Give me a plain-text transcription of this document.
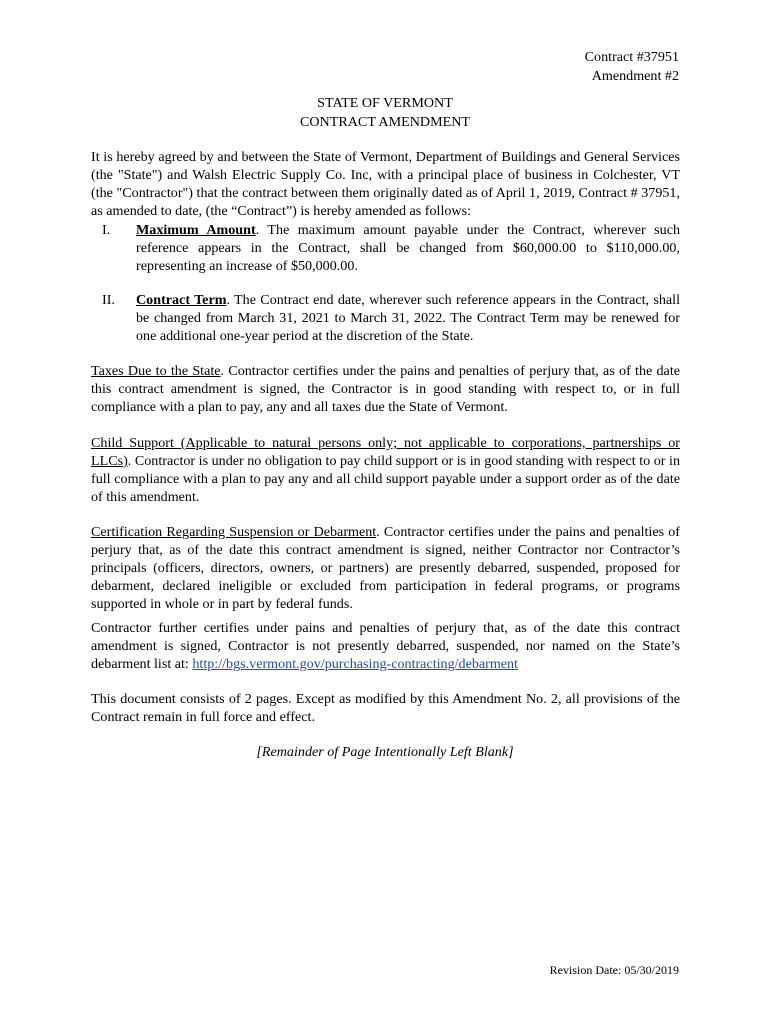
Contract #37951
Amendment #2
STATE OF VERMONT
CONTRACT AMENDMENT
It is hereby agreed by and between the State of Vermont, Department of Buildings and General Services (the "State") and Walsh Electric Supply Co. Inc, with a principal place of business in Colchester, VT (the "Contractor") that the contract between them originally dated as of April 1, 2019, Contract # 37951, as amended to date, (the “Contract”) is hereby amended as follows:
I. Maximum Amount. The maximum amount payable under the Contract, wherever such reference appears in the Contract, shall be changed from $60,000.00 to $110,000.00, representing an increase of $50,000.00.
II. Contract Term. The Contract end date, wherever such reference appears in the Contract, shall be changed from March 31, 2021 to March 31, 2022. The Contract Term may be renewed for one additional one-year period at the discretion of the State.
Taxes Due to the State. Contractor certifies under the pains and penalties of perjury that, as of the date this contract amendment is signed, the Contractor is in good standing with respect to, or in full compliance with a plan to pay, any and all taxes due the State of Vermont.
Child Support (Applicable to natural persons only; not applicable to corporations, partnerships or LLCs). Contractor is under no obligation to pay child support or is in good standing with respect to or in full compliance with a plan to pay any and all child support payable under a support order as of the date of this amendment.
Certification Regarding Suspension or Debarment. Contractor certifies under the pains and penalties of perjury that, as of the date this contract amendment is signed, neither Contractor nor Contractor’s principals (officers, directors, owners, or partners) are presently debarred, suspended, proposed for debarment, declared ineligible or excluded from participation in federal programs, or programs supported in whole or in part by federal funds.
Contractor further certifies under pains and penalties of perjury that, as of the date this contract amendment is signed, Contractor is not presently debarred, suspended, nor named on the State’s debarment list at: http://bgs.vermont.gov/purchasing-contracting/debarment
This document consists of 2 pages. Except as modified by this Amendment No. 2, all provisions of the Contract remain in full force and effect.
[Remainder of Page Intentionally Left Blank]
Revision Date: 05/30/2019
